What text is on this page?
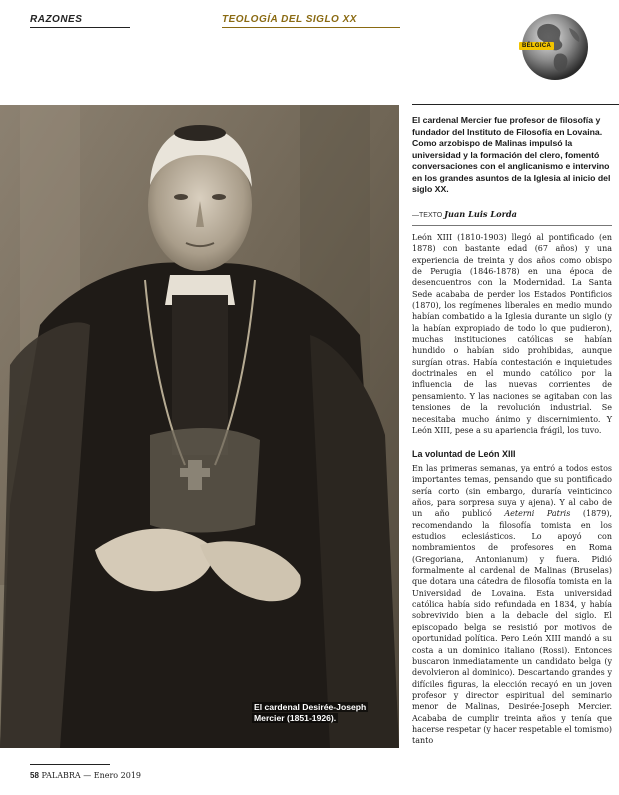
RAZONES	TEOLOGÍA DEL SIGLO XX
BÉLGICA
El cardenal Desirée-Joseph
Mercier (1851-1926).
El cardenal Mercier fue profesor de filosofía y fundador del Instituto de Filosofía en Lovaina. Como arzobispo de Malinas impulsó la universidad y la formación del clero, fomentó conversaciones con el anglicanismo e intervino en los grandes asuntos de la Iglesia al inicio del siglo XX.
—TEXTO Juan Luis Lorda
León XIII (1810-1903) llegó al pontificado (en 1878) con bastante edad (67 años) y una experiencia de treinta y dos años como obispo de Perugia (1846-1878) en una época de desencuentros con la Modernidad. La Santa Sede acababa de perder los Estados Pontificios (1870), los regímenes liberales en medio mundo habían combatido a la Iglesia durante un siglo (y la habían expropiado de todo lo que pudieron), muchas instituciones católicas se habían hundido o habían sido prohibidas, aunque surgían otras. Había contestación e inquietudes doctrinales en el mundo católico por la influencia de las nuevas corrientes de pensamiento. Y las naciones se agitaban con las tensiones de la revolución industrial. Se necesitaba mucho ánimo y discernimiento. Y León XIII, pese a su apariencia frágil, los tuvo.
La voluntad de León XIII
En las primeras semanas, ya entró a todos estos importantes temas, pensando que su pontificado sería corto (sin embargo, duraría veinticinco años, para sorpresa suya y ajena). Y al cabo de un año publicó Aeterni Patris (1879), recomendando la filosofía tomista en los estudios eclesiásticos. Lo apoyó con nombramientos de profesores en Roma (Gregoriana, Antonianum) y fuera. Pidió formalmente al cardenal de Malinas (Bruselas) que dotara una cátedra de filosofía tomista en la Universidad de Lovaina. Esta universidad católica había sido refundada en 1834, y había sobrevivido bien a la debacle del siglo. El episcopado belga se resistió por motivos de oportunidad política. Pero León XIII mandó a su costa a un dominico italiano (Rossi). Entonces buscaron inmediatamente un candidato belga (y devolvieron al dominico). Descartando grandes y difíciles figuras, la elección recayó en un joven profesor y director espiritual del seminario menor de Malinas, Desirée-Joseph Mercier. Acababa de cumplir treinta años y tenía que hacerse respetar (y hacer respetable el tomismo) tanto
58 PALABRA — Enero 2019
